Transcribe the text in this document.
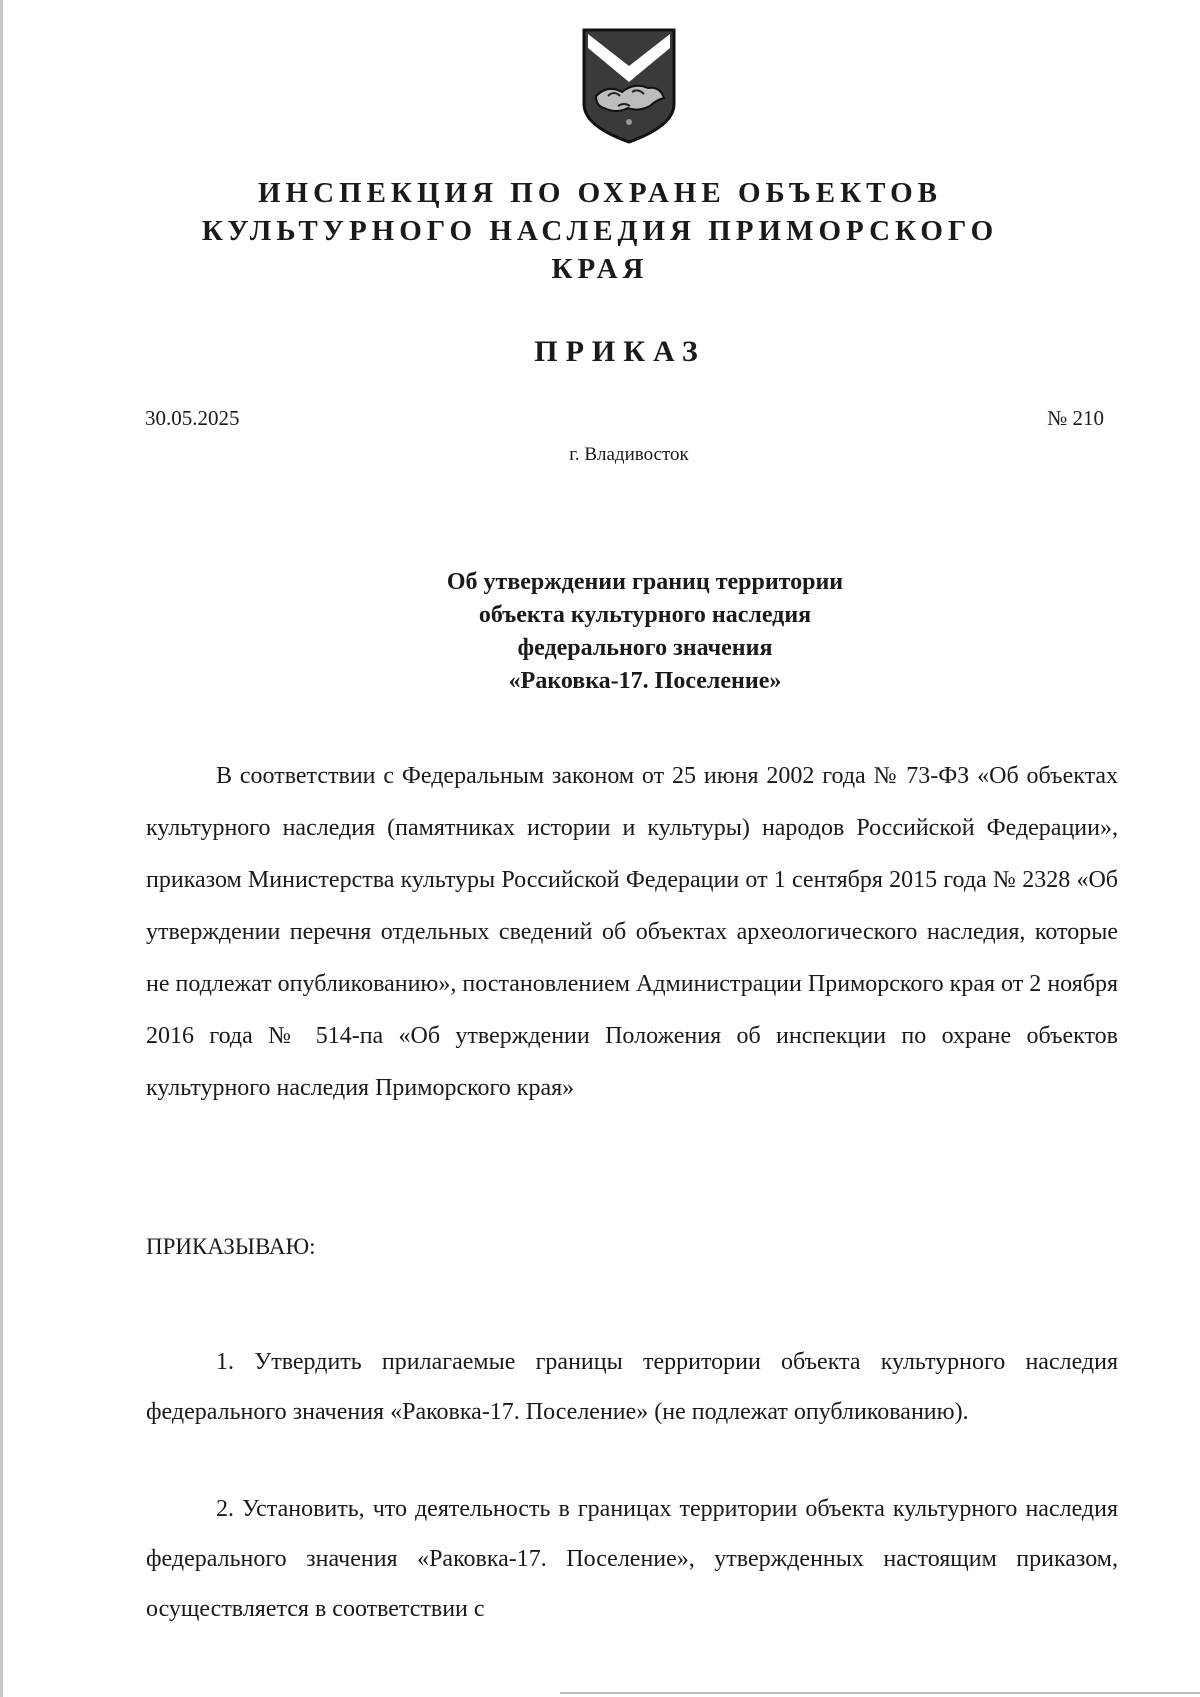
ИНСПЕКЦИЯ ПО ОХРАНЕ ОБЪЕКТОВ
КУЛЬТУРНОГО НАСЛЕДИЯ ПРИМОРСКОГО КРАЯ
ПРИКАЗ
30.05.2025	№ 210
г. Владивосток
Об утверждении границ территории
объекта культурного наследия
федерального значения
«Раковка-17. Поселение»
В соответствии с Федеральным законом от 25 июня 2002 года № 73-ФЗ «Об объектах культурного наследия (памятниках истории и культуры) народов Российской Федерации», приказом Министерства культуры Российской Федерации от 1 сентября 2015 года № 2328 «Об утверждении перечня отдельных сведений об объектах археологического наследия, которые не подлежат опубликованию», постановлением Администрации Приморского края от 2 ноября 2016 года № 514-па «Об утверждении Положения об инспекции по охране объектов культурного наследия Приморского края»
ПРИКАЗЫВАЮ:
1. Утвердить прилагаемые границы территории объекта культурного наследия федерального значения «Раковка-17. Поселение» (не подлежат опубликованию).
2. Установить, что деятельность в границах территории объекта культурного наследия федерального значения «Раковка-17. Поселение», утвержденных настоящим приказом, осуществляется в соответствии с
